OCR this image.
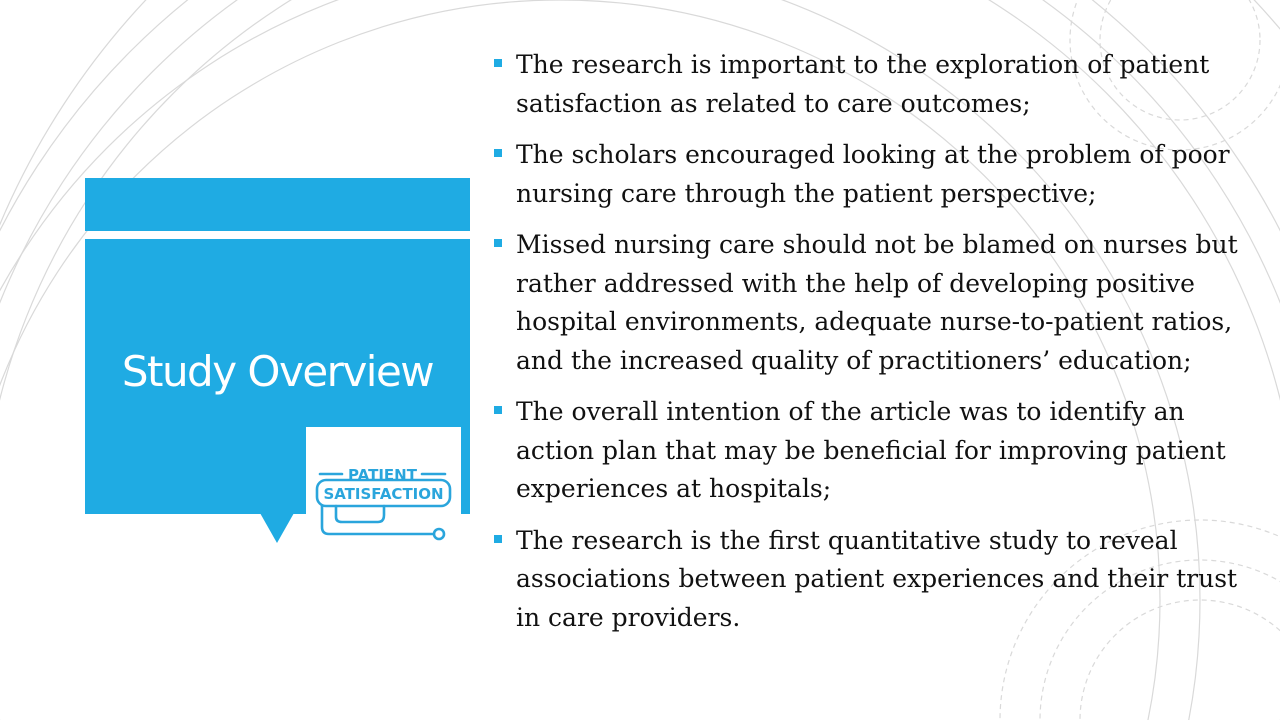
Study Overview
PATIENT
SATISFACTION
The research is important to the exploration of patient satisfaction as related to care outcomes;
The scholars encouraged looking at the problem of poor nursing care through the patient perspective;
Missed nursing care should not be blamed on nurses but rather addressed with the help of developing positive hospital environments, adequate nurse-to-patient ratios, and the increased quality of practitioners’ education;
The overall intention of the article was to identify an action plan that may be beneficial for improving patient experiences at hospitals;
The research is the first quantitative study to reveal associations between patient experiences and their trust in care providers.
